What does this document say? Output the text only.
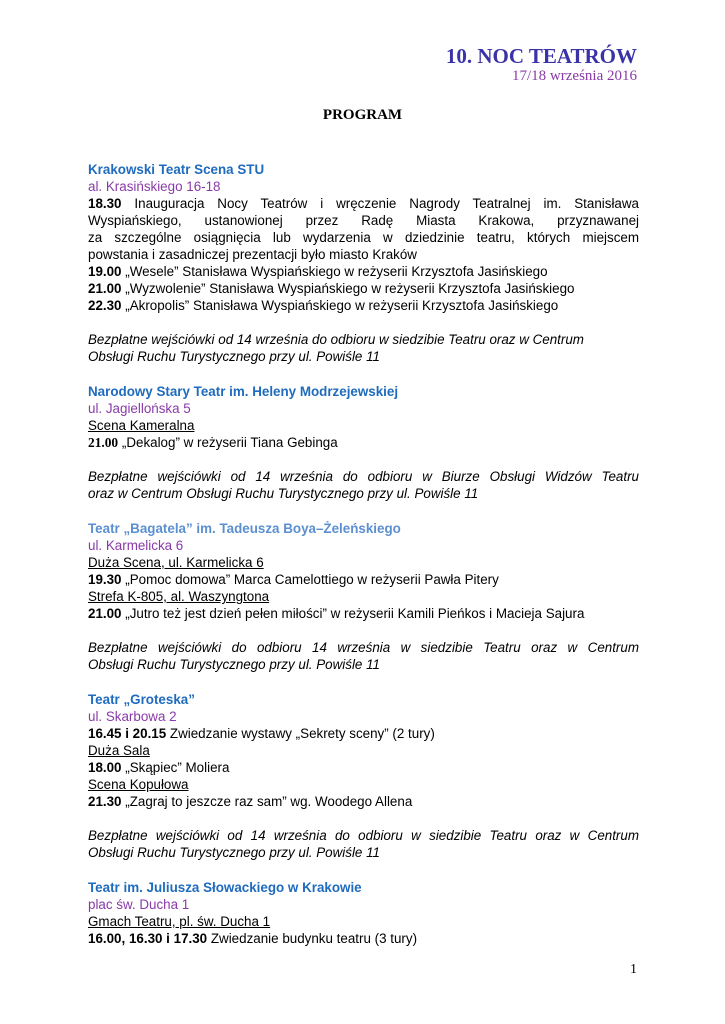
10. NOC TEATRÓW
17/18 września 2016
PROGRAM
Krakowski Teatr Scena STU
al. Krasińskiego 16-18
18.30 Inauguracja Nocy Teatrów i wręczenie Nagrody Teatralnej im. Stanisława
Wyspiańskiego, ustanowionej przez Radę Miasta Krakowa, przyznawanej
za szczególne osiągnięcia lub wydarzenia w dziedzinie teatru, których miejscem
powstania i zasadniczej prezentacji było miasto Kraków
19.00 „Wesele” Stanisława Wyspiańskiego w reżyserii Krzysztofa Jasińskiego
21.00 „Wyzwolenie” Stanisława Wyspiańskiego w reżyserii Krzysztofa Jasińskiego
22.30 „Akropolis” Stanisława Wyspiańskiego w reżyserii Krzysztofa Jasińskiego
Bezpłatne wejściówki od 14 września do odbioru w siedzibie Teatru oraz w Centrum
Obsługi Ruchu Turystycznego przy ul. Powiśle 11
Narodowy Stary Teatr im. Heleny Modrzejewskiej
ul. Jagiellońska 5
Scena Kameralna
21.00 „Dekalog” w reżyserii Tiana Gebinga
Bezpłatne wejściówki od 14 września do odbioru w Biurze Obsługi Widzów Teatru
oraz w Centrum Obsługi Ruchu Turystycznego przy ul. Powiśle 11
Teatr „Bagatela” im. Tadeusza Boya–Żeleńskiego
ul. Karmelicka 6
Duża Scena, ul. Karmelicka 6
19.30 „Pomoc domowa” Marca Camelottiego w reżyserii Pawła Pitery
Strefa K-805, al. Waszyngtona
21.00 „Jutro też jest dzień pełen miłości” w reżyserii Kamili Pieńkos i Macieja Sajura
Bezpłatne wejściówki do odbioru 14 września w siedzibie Teatru oraz w Centrum
Obsługi Ruchu Turystycznego przy ul. Powiśle 11
Teatr „Groteska”
ul. Skarbowa 2
16.45 i 20.15 Zwiedzanie wystawy „Sekrety sceny” (2 tury)
Duża Sala
18.00 „Skąpiec” Moliera
Scena Kopułowa
21.30 „Zagraj to jeszcze raz sam” wg. Woodego Allena
Bezpłatne wejściówki od 14 września do odbioru w siedzibie Teatru oraz w Centrum
Obsługi Ruchu Turystycznego przy ul. Powiśle 11
Teatr im. Juliusza Słowackiego w Krakowie
plac św. Ducha 1
Gmach Teatru, pl. św. Ducha 1
16.00, 16.30 i 17.30 Zwiedzanie budynku teatru (3 tury)
1
